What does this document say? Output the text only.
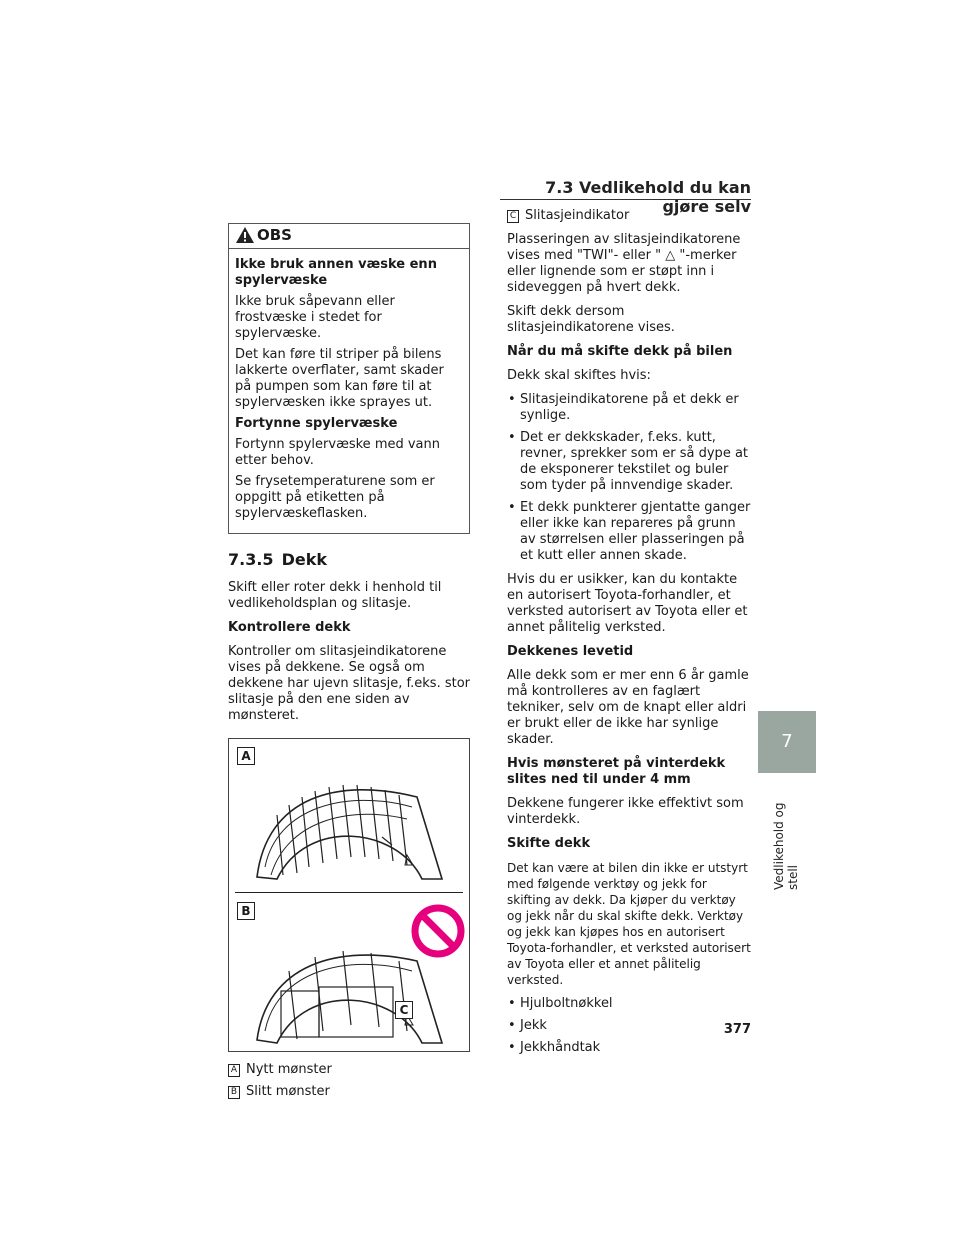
7.3 Vedlikehold du kan gjøre selv
OBS

Ikke bruk annen væske enn spylervæske

Ikke bruk såpevann eller frostvæske i stedet for spylervæske.

Det kan føre til striper på bilens lakkerte overflater, samt skader på pumpen som kan føre til at spylervæsken ikke sprayes ut.

Fortynne spylervæske

Fortynn spylervæske med vann etter behov.

Se frysetemperaturene som er oppgitt på etiketten på spylervæskeflasken.

7.3.5 Dekk

Skift eller roter dekk i henhold til vedlikeholdsplan og slitasje.

Kontrollere dekk

Kontroller om slitasjeindikatorene vises på dekkene. Se også om dekkene har ujevn slitasje, f.eks. stor slitasje på den ene siden av mønsteret.

A
B
C
A Nytt mønster
B Slitt mønster

C Slitasjeindikator

Plasseringen av slitasjeindikatorene vises med "TWI"- eller " △ "-merker eller lignende som er støpt inn i sideveggen på hvert dekk.

Skift dekk dersom slitasjeindikatorene vises.

Når du må skifte dekk på bilen

Dekk skal skiftes hvis:

• Slitasjeindikatorene på et dekk er synlige.
• Det er dekkskader, f.eks. kutt, revner, sprekker som er så dype at de eksponerer tekstilet og buler som tyder på innvendige skader.
• Et dekk punkterer gjentatte ganger eller ikke kan repareres på grunn av størrelsen eller plasseringen på et kutt eller annen skade.

Hvis du er usikker, kan du kontakte en autorisert Toyota-forhandler, et verksted autorisert av Toyota eller et annet pålitelig verksted.

Dekkenes levetid

Alle dekk som er mer enn 6 år gamle må kontrolleres av en faglært tekniker, selv om de knapt eller aldri er brukt eller de ikke har synlige skader.

Hvis mønsteret på vinterdekk slites ned til under 4 mm

Dekkene fungerer ikke effektivt som vinterdekk.

Skifte dekk

Det kan være at bilen din ikke er utstyrt med følgende verktøy og jekk for skifting av dekk. Da kjøper du verktøy og jekk når du skal skifte dekk. Verktøy og jekk kan kjøpes hos en autorisert Toyota-forhandler, et verksted autorisert av Toyota eller et annet pålitelig verksted.

• Hjulboltnøkkel
• Jekk
• Jekkhåndtak
7
Vedlikehold og stell
377
